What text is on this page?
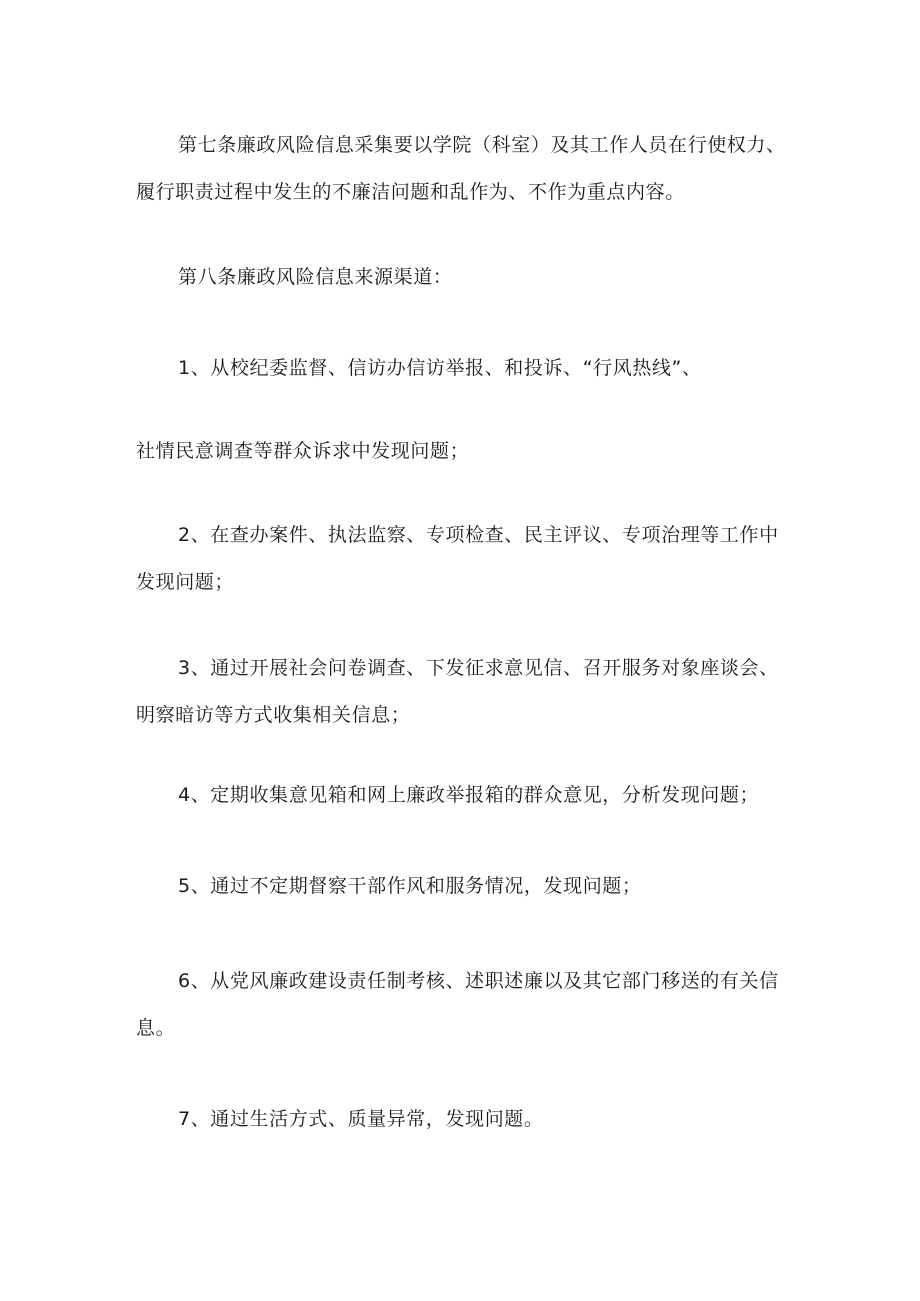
第七条廉政风险信息采集要以学院（科室）及其工作人员在行使权力、
履行职责过程中发生的不廉洁问题和乱作为、不作为重点内容。
第八条廉政风险信息来源渠道：
1、从校纪委监督、信访办信访举报、和投诉、“行风热线”、
社情民意调查等群众诉求中发现问题；
2、在查办案件、执法监察、专项检查、民主评议、专项治理等工作中
发现问题；
3、通过开展社会问卷调查、下发征求意见信、召开服务对象座谈会、
明察暗访等方式收集相关信息；
4、定期收集意见箱和网上廉政举报箱的群众意见，分析发现问题；
5、通过不定期督察干部作风和服务情况，发现问题；
6、从党风廉政建设责任制考核、述职述廉以及其它部门移送的有关信
息。
7、通过生活方式、质量异常，发现问题。
